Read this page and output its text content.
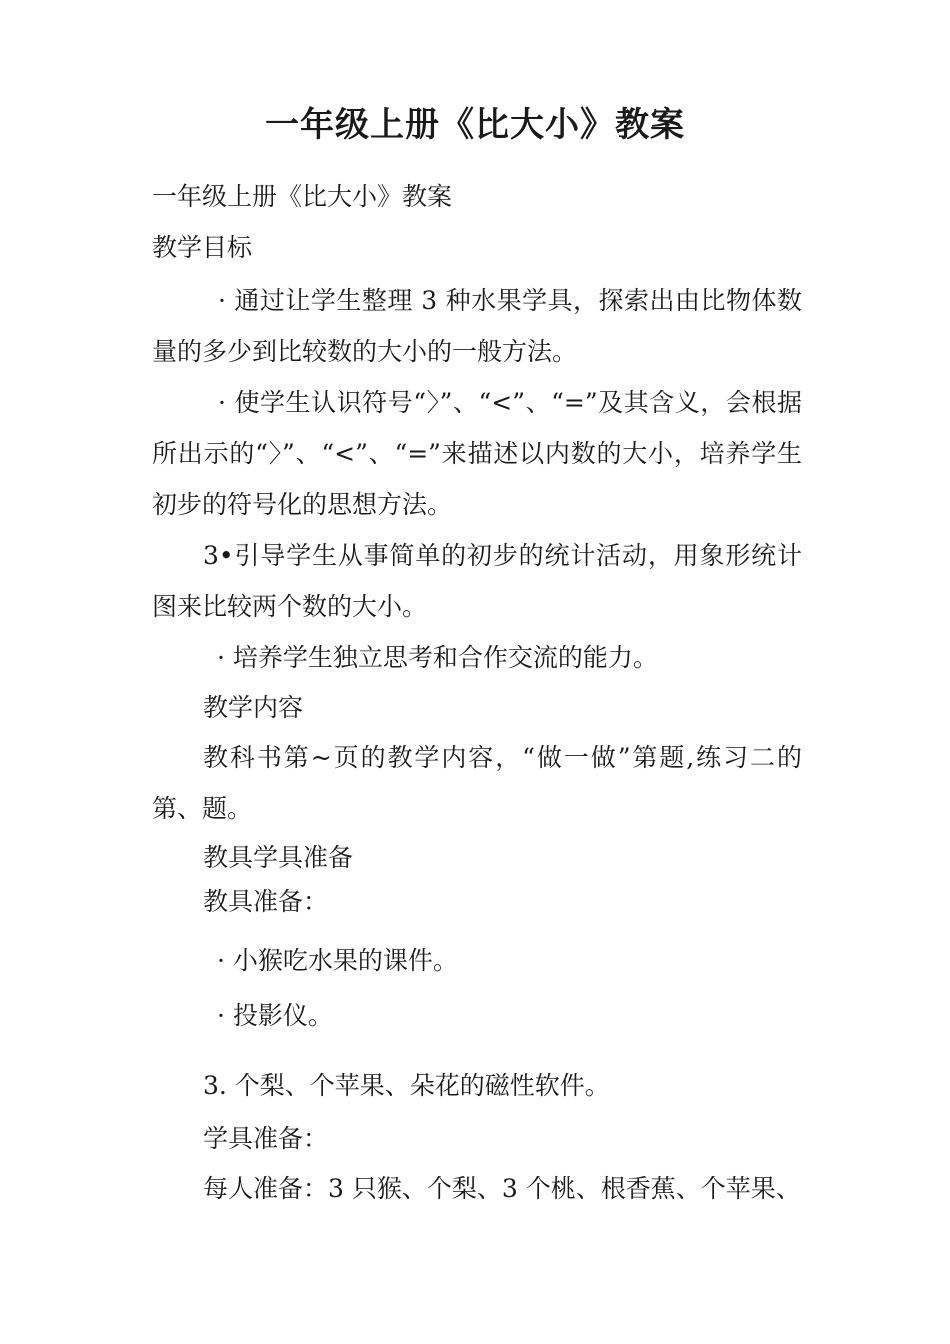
一年级上册《比大小》教案

一年级上册《比大小》教案

教学目标

· 通过让学生整理 3 种水果学具，探索出由比物体数量的多少到比较数的大小的一般方法。

· 使学生认识符号“〉”、“<”、“=”及其含义，会根据所出示的“〉”、“<”、“=”来描述以内数的大小，培养学生初步的符号化的思想方法。

3•引导学生从事简单的初步的统计活动，用象形统计图来比较两个数的大小。

· 培养学生独立思考和合作交流的能力。

教学内容

教科书第~页的教学内容，“做一做”第题,练习二的第、题。

教具学具准备

教具准备：

· 小猴吃水果的课件。

· 投影仪。

3. 个梨、个苹果、朵花的磁性软件。

学具准备：

每人准备：3 只猴、个梨、3 个桃、根香蕉、个苹果、
